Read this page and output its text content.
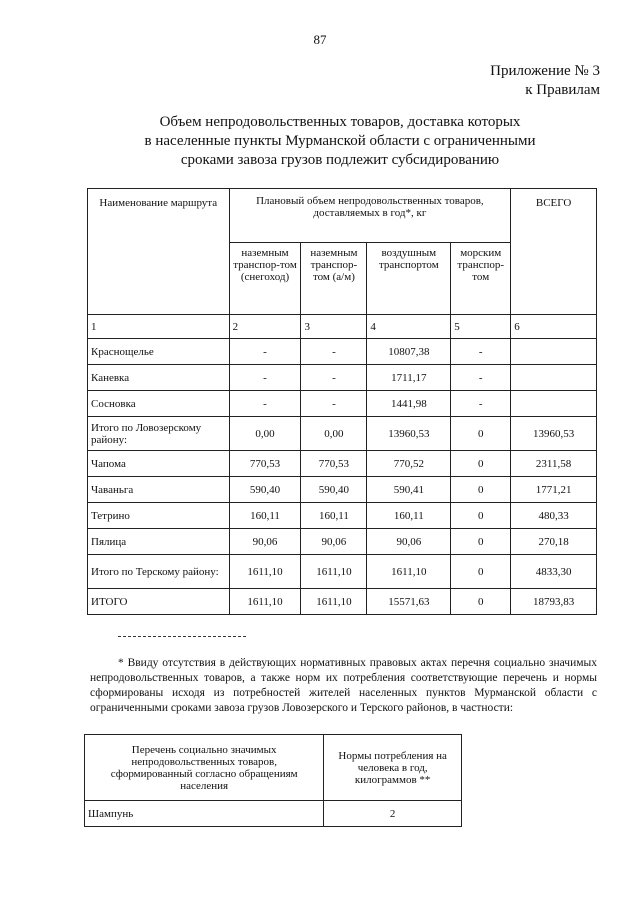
87
Приложение № 3
к Правилам
Объем непродовольственных товаров, доставка которых
в населенные пункты Мурманской области с ограниченными
сроками завоза грузов подлежит субсидированию
Наименование маршрута	Плановый объем непродовольственных товаров, доставляемых в год*, кг				ВСЕГО
	наземным транспор-том (снегоход)	наземным транспор-том (а/м)	воздушным транспортом	морским транспор-том	
1	2	3	4	5	6
Краснощелье	-	-	10807,38	-	
Каневка	-	-	1711,17	-	
Сосновка	-	-	1441,98	-	
Итого по Ловозерскому району:	0,00	0,00	13960,53	0	13960,53
Чапома	770,53	770,53	770,52	0	2311,58
Чаваньга	590,40	590,40	590,41	0	1771,21
Тетрино	160,11	160,11	160,11	0	480,33
Пялица	90,06	90,06	90,06	0	270,18
Итого по Терскому району:	1611,10	1611,10	1611,10	0	4833,30
ИТОГО	1611,10	1611,10	15571,63	0	18793,83
* Ввиду отсутствия в действующих нормативных правовых актах перечня социально значимых непродовольственных товаров, а также норм их потребления соответствующие перечень и нормы сформированы исходя из потребностей жителей населенных пунктов Мурманской области с ограниченными сроками завоза грузов Ловозерского и Терского районов, в частности:
Перечень социально значимых непродовольственных товаров, сформированный согласно обращениям населения	Нормы потребления на человека в год, килограммов **
Шампунь	2
